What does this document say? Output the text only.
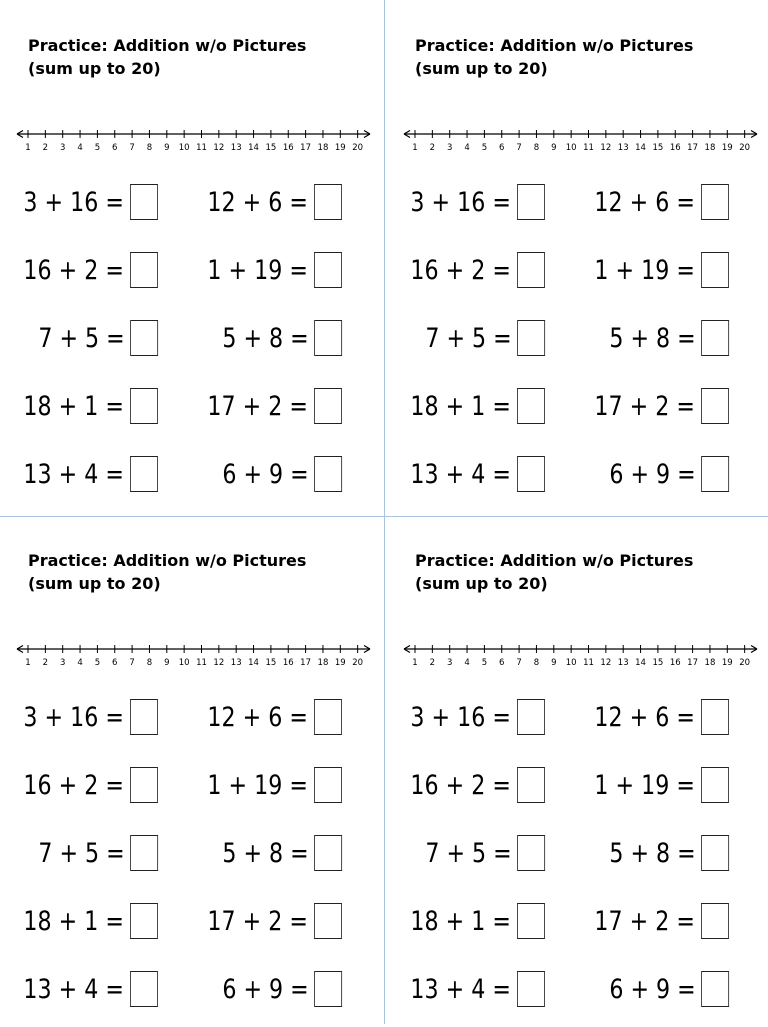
Practice: Addition w/o Pictures
(sum up to 20)
1 2 3 4 5 6 7 8 9 10 11 12 13 14 15 16 17 18 19 20
3 + 16 =
16 + 2 =
7 + 5 =
18 + 1 =
13 + 4 =
12 + 6 =
1 + 19 =
5 + 8 =
17 + 2 =
6 + 9 =
Practice: Addition w/o Pictures
(sum up to 20)
1 2 3 4 5 6 7 8 9 10 11 12 13 14 15 16 17 18 19 20
3 + 16 =
16 + 2 =
7 + 5 =
18 + 1 =
13 + 4 =
12 + 6 =
1 + 19 =
5 + 8 =
17 + 2 =
6 + 9 =
Practice: Addition w/o Pictures
(sum up to 20)
1 2 3 4 5 6 7 8 9 10 11 12 13 14 15 16 17 18 19 20
3 + 16 =
16 + 2 =
7 + 5 =
18 + 1 =
13 + 4 =
12 + 6 =
1 + 19 =
5 + 8 =
17 + 2 =
6 + 9 =
Practice: Addition w/o Pictures
(sum up to 20)
1 2 3 4 5 6 7 8 9 10 11 12 13 14 15 16 17 18 19 20
3 + 16 =
16 + 2 =
7 + 5 =
18 + 1 =
13 + 4 =
12 + 6 =
1 + 19 =
5 + 8 =
17 + 2 =
6 + 9 =
